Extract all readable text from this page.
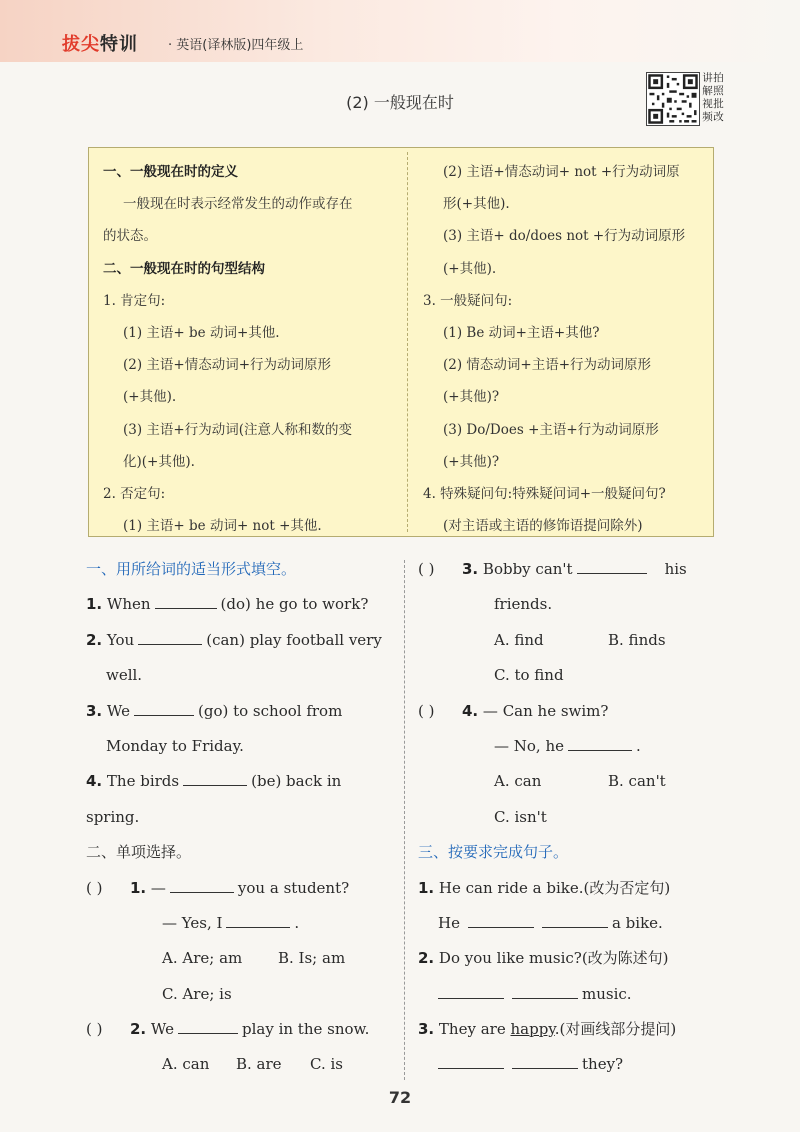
拔尖特训 · 英语(译林版)四年级上
(2) 一般现在时
讲 拍
解 照
视 批
频 改
一、一般现在时的定义
一般现在时表示经常发生的动作或存在
的状态。
二、一般现在时的句型结构
1. 肯定句:
(1) 主语+ be 动词+其他.
(2) 主语+情态动词+行为动词原形
(+其他).
(3) 主语+行为动词(注意人称和数的变
化)(+其他).
2. 否定句:
(1) 主语+ be 动词+ not +其他.
(2) 主语+情态动词+ not +行为动词原
形(+其他).
(3) 主语+ do/does not +行为动词原形
(+其他).
3. 一般疑问句:
(1) Be 动词+主语+其他?
(2) 情态动词+主语+行为动词原形
(+其他)?
(3) Do/Does +主语+行为动词原形
(+其他)?
4. 特殊疑问句:特殊疑问词+一般疑问句?
(对主语或主语的修饰语提问除外)
一、用所给词的适当形式填空。
1. When	(do) he go to work?
2. You	(can) play football very
well.
3. We	(go) to school from
Monday to Friday.
4. The birds	(be) back in
spring.
二、单项选择。
( ) 1. —	you a student?
— Yes, I	.
A. Are; am B. Is; am
C. Are; is
( ) 2. We	play in the snow.
A. can B. are C. is
( ) 3. Bobby can't	his
friends.
A. find	B. finds
C. to find
( ) 4. — Can he swim?
— No, he	.
A. can	B. can't
C. isn't
三、按要求完成句子。
1. He can ride a bike.(改为否定句)
He	a bike.
2. Do you like music?(改为陈述句)
music.
3. They are happy.(对画线部分提问)
they?
72
